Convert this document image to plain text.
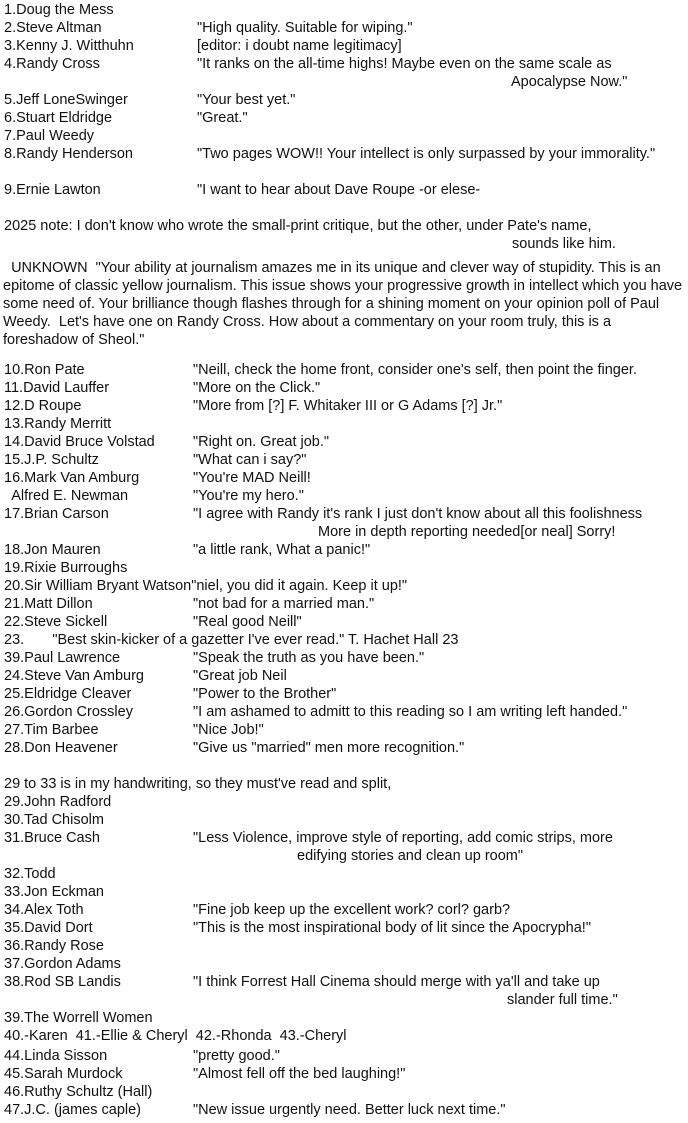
1.Doug the Mess
2.Steve Altman	"High quality. Suitable for wiping."
3.Kenny J. Witthuhn	[editor: i doubt name legitimacy]
4.Randy Cross	"It ranks on the all-time highs! Maybe even on the same scale as
Apocalypse Now."
5.Jeff LoneSwinger	"Your best yet."
6.Stuart Eldridge	"Great."
7.Paul Weedy
8.Randy Henderson	"Two pages WOW!! Your intellect is only surpassed by your immorality."
9.Ernie Lawton	"I want to hear about Dave Roupe -or elese-
2025 note: I don't know who wrote the small-print critique, but the other, under Pate's name,
sounds like him.
UNKNOWN  "Your ability at journalism amazes me in its unique and clever way of stupidity. This is an epitome of classic yellow journalism. This issue shows your progressive growth in intellect which you have some need of. Your brilliance though flashes through for a shining moment on your opinion poll of Paul Weedy.  Let's have one on Randy Cross. How about a commentary on your room truly, this is a foreshadow of Sheol."
10.Ron Pate	"Neill, check the home front, consider one's self, then point the finger.
11.David Lauffer	"More on the Click."
12.D Roupe	"More from [?] F. Whitaker III or G Adams [?] Jr."
13.Randy Merritt
14.David Bruce Volstad	"Right on. Great job."
15.J.P. Schultz	"What can i say?"
16.Mark Van Amburg	"You're MAD Neill!
Alfred E. Newman	"You're my hero."
17.Brian Carson	"I agree with Randy it's rank I just don't know about all this foolishness
More in depth reporting needed[or neal] Sorry!
18.Jon Mauren	"a little rank, What a panic!"
19.Rixie Burroughs
20.Sir William Bryant Watson"niel, you did it again. Keep it up!"
21.Matt Dillon	"not bad for a married man."
22.Steve Sickell	"Real good Neill"
23.       "Best skin-kicker of a gazetter I've ever read." T. Hachet Hall 23
39.Paul Lawrence	"Speak the truth as you have been."
24.Steve Van Amburg	"Great job Neil
25.Eldridge Cleaver	"Power to the Brother"
26.Gordon Crossley	"I am ashamed to admitt to this reading so I am writing left handed."
27.Tim Barbee	"Nice Job!"
28.Don Heavener	"Give us "married" men more recognition."
29 to 33 is in my handwriting, so they must've read and split,
29.John Radford
30.Tad Chisolm
31.Bruce Cash	"Less Violence, improve style of reporting, add comic strips, more
edifying stories and clean up room"
32.Todd
33.Jon Eckman
34.Alex Toth	"Fine job keep up the excellent work? corl? garb?
35.David Dort	"This is the most inspirational body of lit since the Apocrypha!"
36.Randy Rose
37.Gordon Adams
38.Rod SB Landis	"I think Forrest Hall Cinema should merge with ya'll and take up
slander full time."
39.The Worrell Women
40.-Karen  41.-Ellie & Cheryl  42.-Rhonda  43.-Cheryl
44.Linda Sisson	"pretty good."
45.Sarah Murdock	"Almost fell off the bed laughing!"
46.Ruthy Schultz (Hall)
47.J.C. (james caple)	"New issue urgently need. Better luck next time."
